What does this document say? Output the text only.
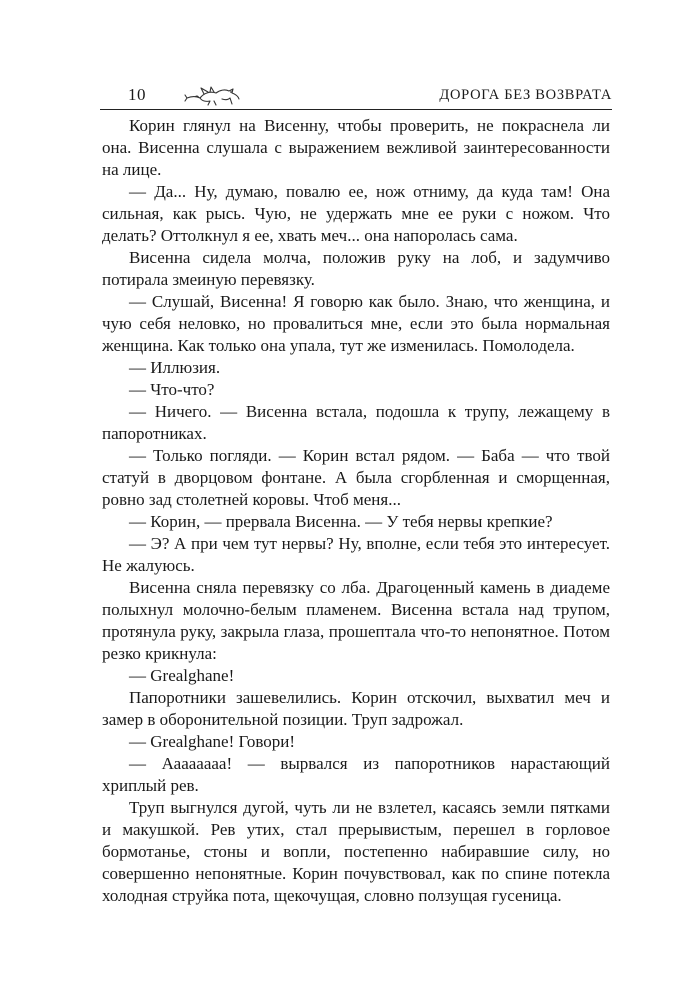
10	ДОРОГА БЕЗ ВОЗВРАТА

Корин глянул на Висенну, чтобы проверить, не покраснела ли она. Висенна слушала с выражением вежливой заинтересованности на лице.

— Да... Ну, думаю, повалю ее, нож отниму, да куда там! Она сильная, как рысь. Чую, не удержать мне ее руки с ножом. Что делать? Оттолкнул я ее, хвать меч... она напоролась сама.

Висенна сидела молча, положив руку на лоб, и задумчиво потирала змеиную перевязку.

— Слушай, Висенна! Я говорю как было. Знаю, что женщина, и чую себя неловко, но провалиться мне, если это была нормальная женщина. Как только она упала, тут же изменилась. Помолодела.

— Иллюзия.

— Что-что?

— Ничего. — Висенна встала, подошла к трупу, лежащему в папоротниках.

— Только погляди. — Корин встал рядом. — Баба — что твой статуй в дворцовом фонтане. А была сгорбленная и сморщенная, ровно зад столетней коровы. Чтоб меня...

— Корин, — прервала Висенна. — У тебя нервы крепкие?

— Э? А при чем тут нервы? Ну, вполне, если тебя это интересует. Не жалуюсь.

Висенна сняла перевязку со лба. Драгоценный камень в диадеме полыхнул молочно-белым пламенем. Висенна встала над трупом, протянула руку, закрыла глаза, прошептала что-то непонятное. Потом резко крикнула:

— Grealghane!

Папоротники зашевелились. Корин отскочил, выхватил меч и замер в оборонительной позиции. Труп задрожал.

— Grealghane! Говори!

— Аааааааа! — вырвался из папоротников нарастающий хриплый рев.

Труп выгнулся дугой, чуть ли не взлетел, касаясь земли пятками и макушкой. Рев утих, стал прерывистым, перешел в горловое бормотанье, стоны и вопли, постепенно набиравшие силу, но совершенно непонятные. Корин почувствовал, как по спине потекла холодная струйка пота, щекочущая, словно ползущая гусеница.
